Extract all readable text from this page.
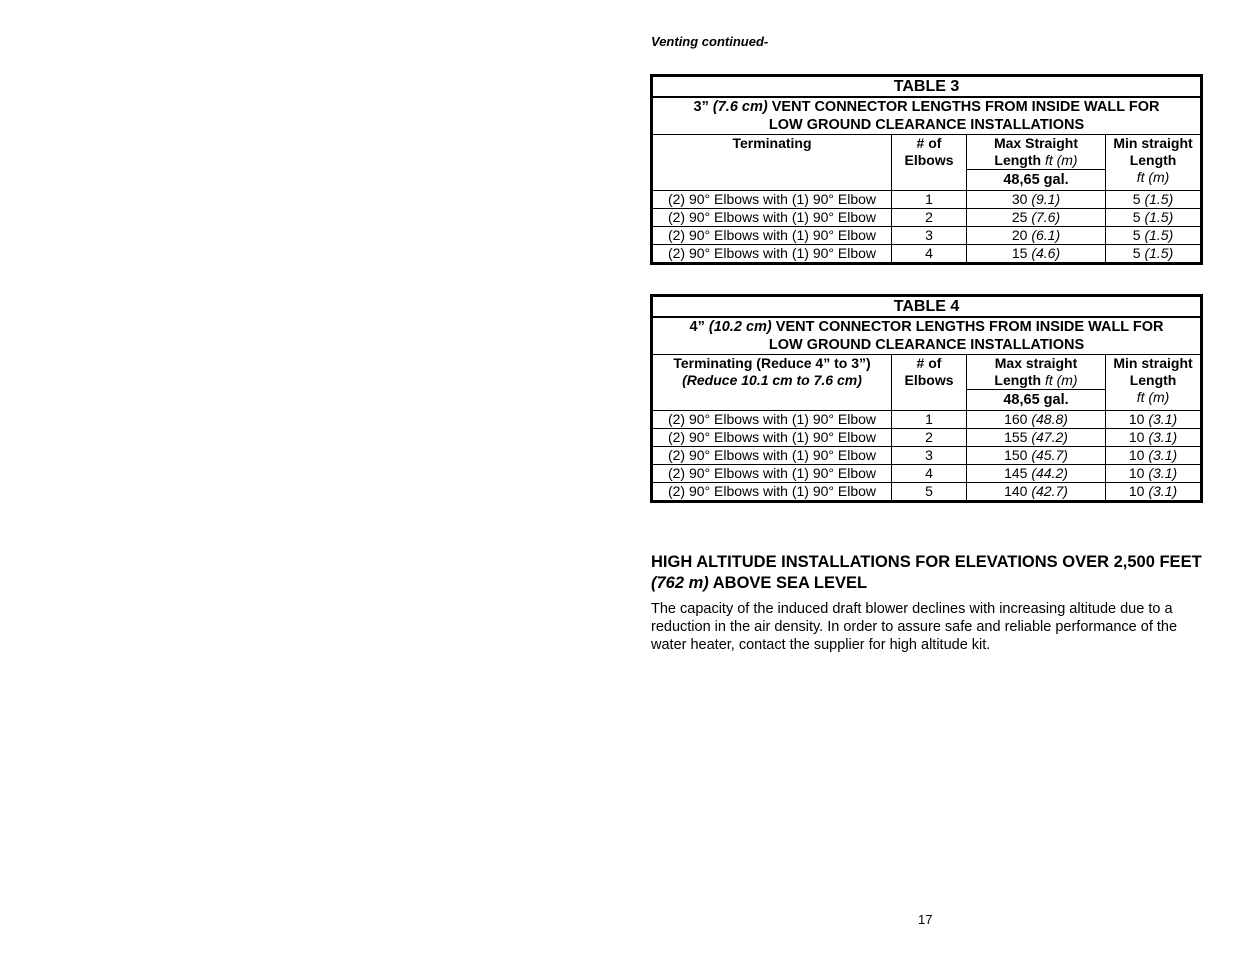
Venting continued-
TABLE 3			
3” (7.6 cm) VENT CONNECTOR LENGTHS FROM INSIDE WALL FOR
LOW GROUND CLEARANCE INSTALLATIONS			
Terminating	# of Elbows	Max Straight Length ft (m)	Min straight Length
ft (m)
		48,65 gal.	
(2) 90° Elbows with (1) 90° Elbow	1	30 (9.1)	5 (1.5)
(2) 90° Elbows with (1) 90° Elbow	2	25 (7.6)	5 (1.5)
(2) 90° Elbows with (1) 90° Elbow	3	20 (6.1)	5 (1.5)
(2) 90° Elbows with (1) 90° Elbow	4	15 (4.6)	5 (1.5)
TABLE 4			
4” (10.2 cm) VENT CONNECTOR LENGTHS FROM INSIDE WALL FOR
LOW GROUND CLEARANCE INSTALLATIONS			
Terminating (Reduce 4” to 3”)
(Reduce 10.1 cm to 7.6 cm)	# of Elbows	Max straight Length ft (m)	Min straight Length
ft (m)
		48,65 gal.	
(2) 90° Elbows with (1) 90° Elbow	1	160 (48.8)	10 (3.1)
(2) 90° Elbows with (1) 90° Elbow	2	155 (47.2)	10 (3.1)
(2) 90° Elbows with (1) 90° Elbow	3	150 (45.7)	10 (3.1)
(2) 90° Elbows with (1) 90° Elbow	4	145 (44.2)	10 (3.1)
(2) 90° Elbows with (1) 90° Elbow	5	140 (42.7)	10 (3.1)
HIGH ALTITUDE INSTALLATIONS FOR ELEVATIONS OVER 2,500 FEET (762 m) ABOVE SEA LEVEL
The capacity of the induced draft blower declines with increasing altitude due to a reduction in the air density. In order to assure safe and reliable performance of the water heater, contact the supplier for high altitude kit.
17
